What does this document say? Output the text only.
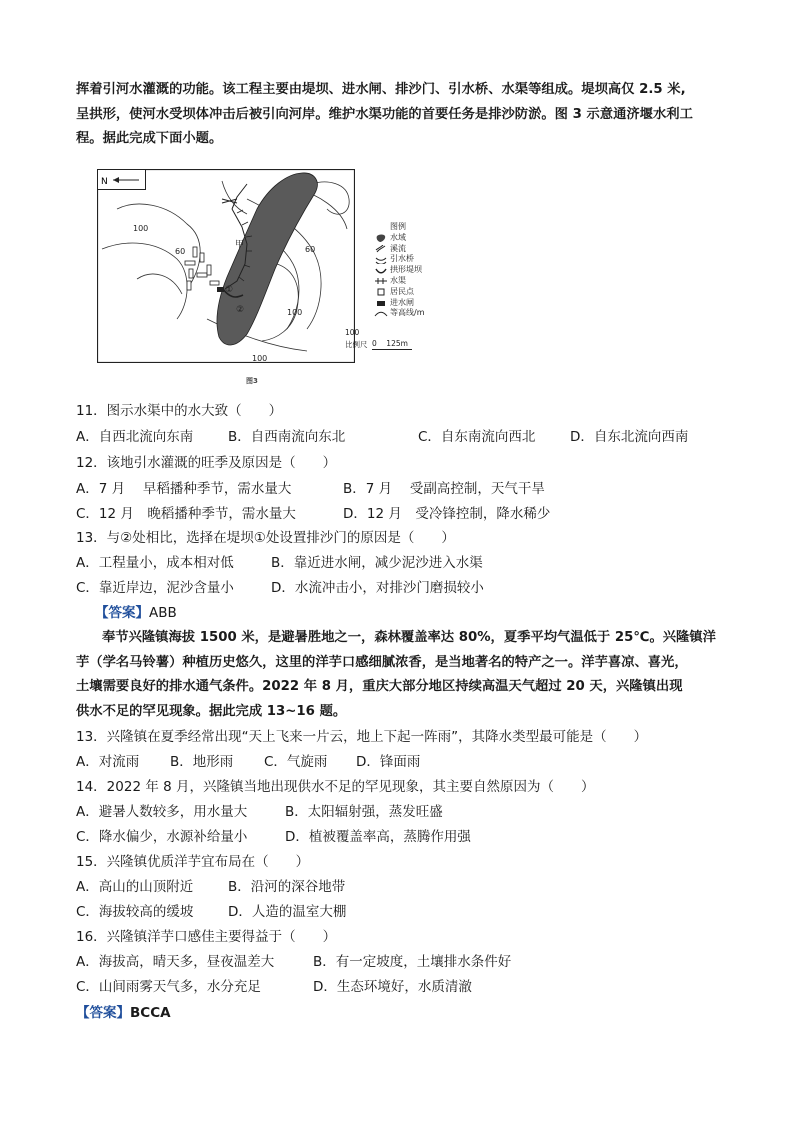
挥着引河水灌溉的功能。该工程主要由堤坝、进水闸、排沙门、引水桥、水渠等组成。堤坝高仅 2.5 米,
呈拱形，使河水受坝体冲击后被引向河岸。维护水渠功能的首要任务是排沙防淤。图 3 示意通济堰水利工
程。据此完成下面小题。
N
甲
①
②
100
60	60
100
100
图例
水域
溪流
引水桥
拱形堤坝
水渠
居民点
进水闸
等高线/m
100
比例尺 0    125m
图3
11．图示水渠中的水大致（　　）
A．自西北流向东南	B．自西南流向东北	C．自东南流向西北	D．自东北流向西南
12．该地引水灌溉的旺季及原因是（　　）
A．7 月　 早稻播种季节，需水量大	B．7 月　 受副高控制，天气干旱
C．12 月　晚稻播种季节，需水量大	D．12 月　受冷锋控制，降水稀少
13．与②处相比，选择在堤坝①处设置排沙门的原因是（　　）
A．工程量小，成本相对低	B．靠近进水闸，减少泥沙进入水渠
C．靠近岸边，泥沙含量小	D．水流冲击小，对排沙门磨损较小
【答案】ABB
奉节兴隆镇海拔 1500 米，是避暑胜地之一，森林覆盖率达 80%，夏季平均气温低于 25℃。兴隆镇洋
芋（学名马铃薯）种植历史悠久，这里的洋芋口感细腻浓香，是当地著名的特产之一。洋芋喜凉、喜光，
土壤需要良好的排水通气条件。2022 年 8 月，重庆大部分地区持续高温天气超过 20 天，兴隆镇出现
供水不足的罕见现象。据此完成 13~16 题。
13．兴隆镇在夏季经常出现“天上飞来一片云，地上下起一阵雨”，其降水类型最可能是（　　）
A．对流雨 B．地形雨 C．气旋雨 D．锋面雨
14．2022 年 8 月，兴隆镇当地出现供水不足的罕见现象，其主要自然原因为（　　）
A．避暑人数较多，用水量大	B．太阳辐射强，蒸发旺盛
C．降水偏少，水源补给量小	D．植被覆盖率高，蒸腾作用强
15．兴隆镇优质洋芋宜布局在（　　）
A．高山的山顶附近	B．沿河的深谷地带
C．海拔较高的缓坡	D．人造的温室大棚
16．兴隆镇洋芋口感佳主要得益于（　　）
A．海拔高，晴天多，昼夜温差大	B．有一定坡度，土壤排水条件好
C．山间雨雾天气多，水分充足	D．生态环境好，水质清澈
【答案】BCCA
